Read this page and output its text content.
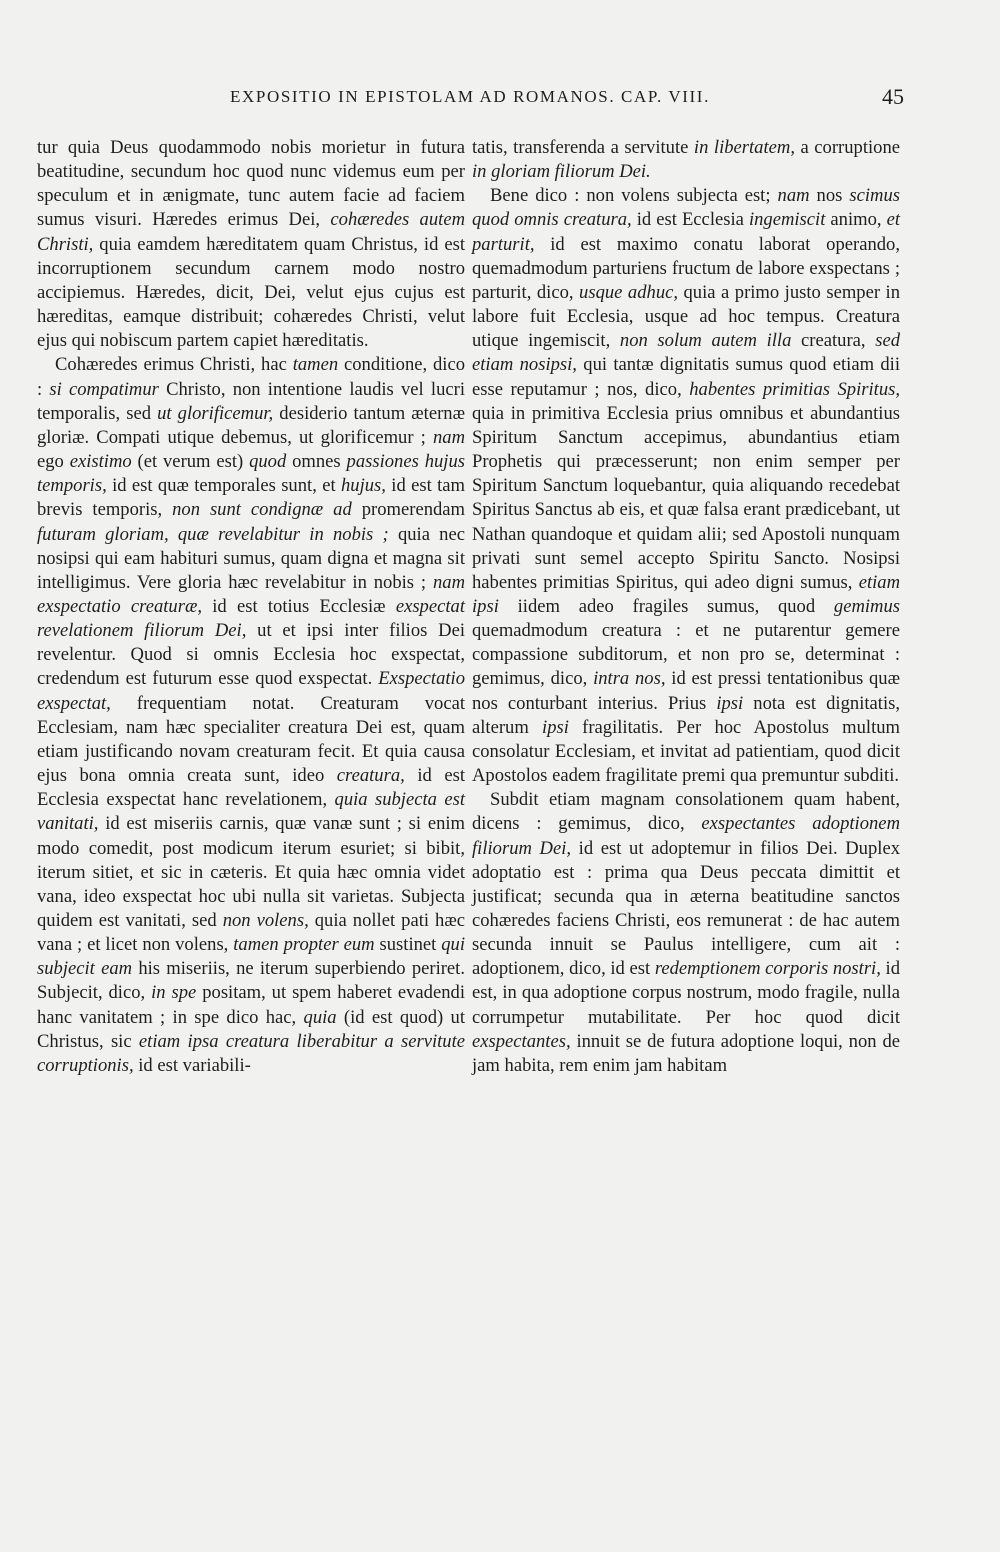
EXPOSITIO IN EPISTOLAM AD ROMANOS. CAP. VIII.	45

tur quia Deus quodammodo nobis morietur in futura beatitudine, secundum hoc quod nunc videmus eum per speculum et in ænigmate, tunc autem facie ad faciem sumus visuri. Hæredes erimus Dei, cohæredes autem Christi, quia eamdem hæreditatem quam Christus, id est incorruptionem secundum carnem modo nostro accipiemus. Hæredes, dicit, Dei, velut ejus cujus est hæreditas, eamque distribuit; cohæredes Christi, velut ejus qui nobiscum partem capiet hæreditatis.

Cohæredes erimus Christi, hac tamen conditione, dico : si compatimur Christo, non intentione laudis vel lucri temporalis, sed ut glorificemur, desiderio tantum æternæ gloriæ. Compati utique debemus, ut glorificemur ; nam ego existimo (et verum est) quod omnes passiones hujus temporis, id est quæ temporales sunt, et hujus, id est tam brevis temporis, non sunt condignæ ad promerendam futuram gloriam, quæ revelabitur in nobis ; quia nec nosipsi qui eam habituri sumus, quam digna et magna sit intelligimus. Vere gloria hæc revelabitur in nobis ; nam exspectatio creaturæ, id est totius Ecclesiæ exspectat revelationem filiorum Dei, ut et ipsi inter filios Dei revelentur. Quod si omnis Ecclesia hoc exspectat, credendum est futurum esse quod exspectat. Exspectatio exspectat, frequentiam notat. Creaturam vocat Ecclesiam, nam hæc specialiter creatura Dei est, quam etiam justificando novam creaturam fecit. Et quia causa ejus bona omnia creata sunt, ideo creatura, id est Ecclesia exspectat hanc revelationem, quia subjecta est vanitati, id est miseriis carnis, quæ vanæ sunt ; si enim modo comedit, post modicum iterum esuriet; si bibit, iterum sitiet, et sic in cæteris. Et quia hæc omnia videt vana, ideo exspectat hoc ubi nulla sit varietas. Subjecta quidem est vanitati, sed non volens, quia nollet pati hæc vana ; et licet non volens, tamen propter eum sustinet qui subjecit eam his miseriis, ne iterum superbiendo periret. Subjecit, dico, in spe positam, ut spem haberet evadendi hanc vanitatem ; in spe dico hac, quia (id est quod) ut Christus, sic etiam ipsa creatura liberabitur a servitute corruptionis, id est variabili-

tatis, transferenda a servitute in libertatem, a corruptione in gloriam filiorum Dei.

Bene dico : non volens subjecta est; nam nos scimus quod omnis creatura, id est Ecclesia ingemiscit animo, et parturit, id est maximo conatu laborat operando, quemadmodum parturiens fructum de labore exspectans ; parturit, dico, usque adhuc, quia a primo justo semper in labore fuit Ecclesia, usque ad hoc tempus. Creatura utique ingemiscit, non solum autem illa creatura, sed etiam nosipsi, qui tantæ dignitatis sumus quod etiam dii esse reputamur ; nos, dico, habentes primitias Spiritus, quia in primitiva Ecclesia prius omnibus et abundantius Spiritum Sanctum accepimus, abundantius etiam Prophetis qui præcesserunt; non enim semper per Spiritum Sanctum loquebantur, quia aliquando recedebat Spiritus Sanctus ab eis, et quæ falsa erant prædicebant, ut Nathan quandoque et quidam alii; sed Apostoli nunquam privati sunt semel accepto Spiritu Sancto. Nosipsi habentes primitias Spiritus, qui adeo digni sumus, etiam ipsi iidem adeo fragiles sumus, quod gemimus quemadmodum creatura : et ne putarentur gemere compassione subditorum, et non pro se, determinat : gemimus, dico, intra nos, id est pressi tentationibus quæ nos conturbant interius. Prius ipsi nota est dignitatis, alterum ipsi fragilitatis. Per hoc Apostolus multum consolatur Ecclesiam, et invitat ad patientiam, quod dicit Apostolos eadem fragilitate premi qua premuntur subditi.

Subdit etiam magnam consolationem quam habent, dicens : gemimus, dico, exspectantes adoptionem filiorum Dei, id est ut adoptemur in filios Dei. Duplex adoptatio est : prima qua Deus peccata dimittit et justificat; secunda qua in æterna beatitudine sanctos cohæredes faciens Christi, eos remunerat : de hac autem secunda innuit se Paulus intelligere, cum ait : adoptionem, dico, id est redemptionem corporis nostri, id est, in qua adoptione corpus nostrum, modo fragile, nulla corrumpetur mutabilitate. Per hoc quod dicit exspectantes, innuit se de futura adoptione loqui, non de jam habita, rem enim jam habitam
